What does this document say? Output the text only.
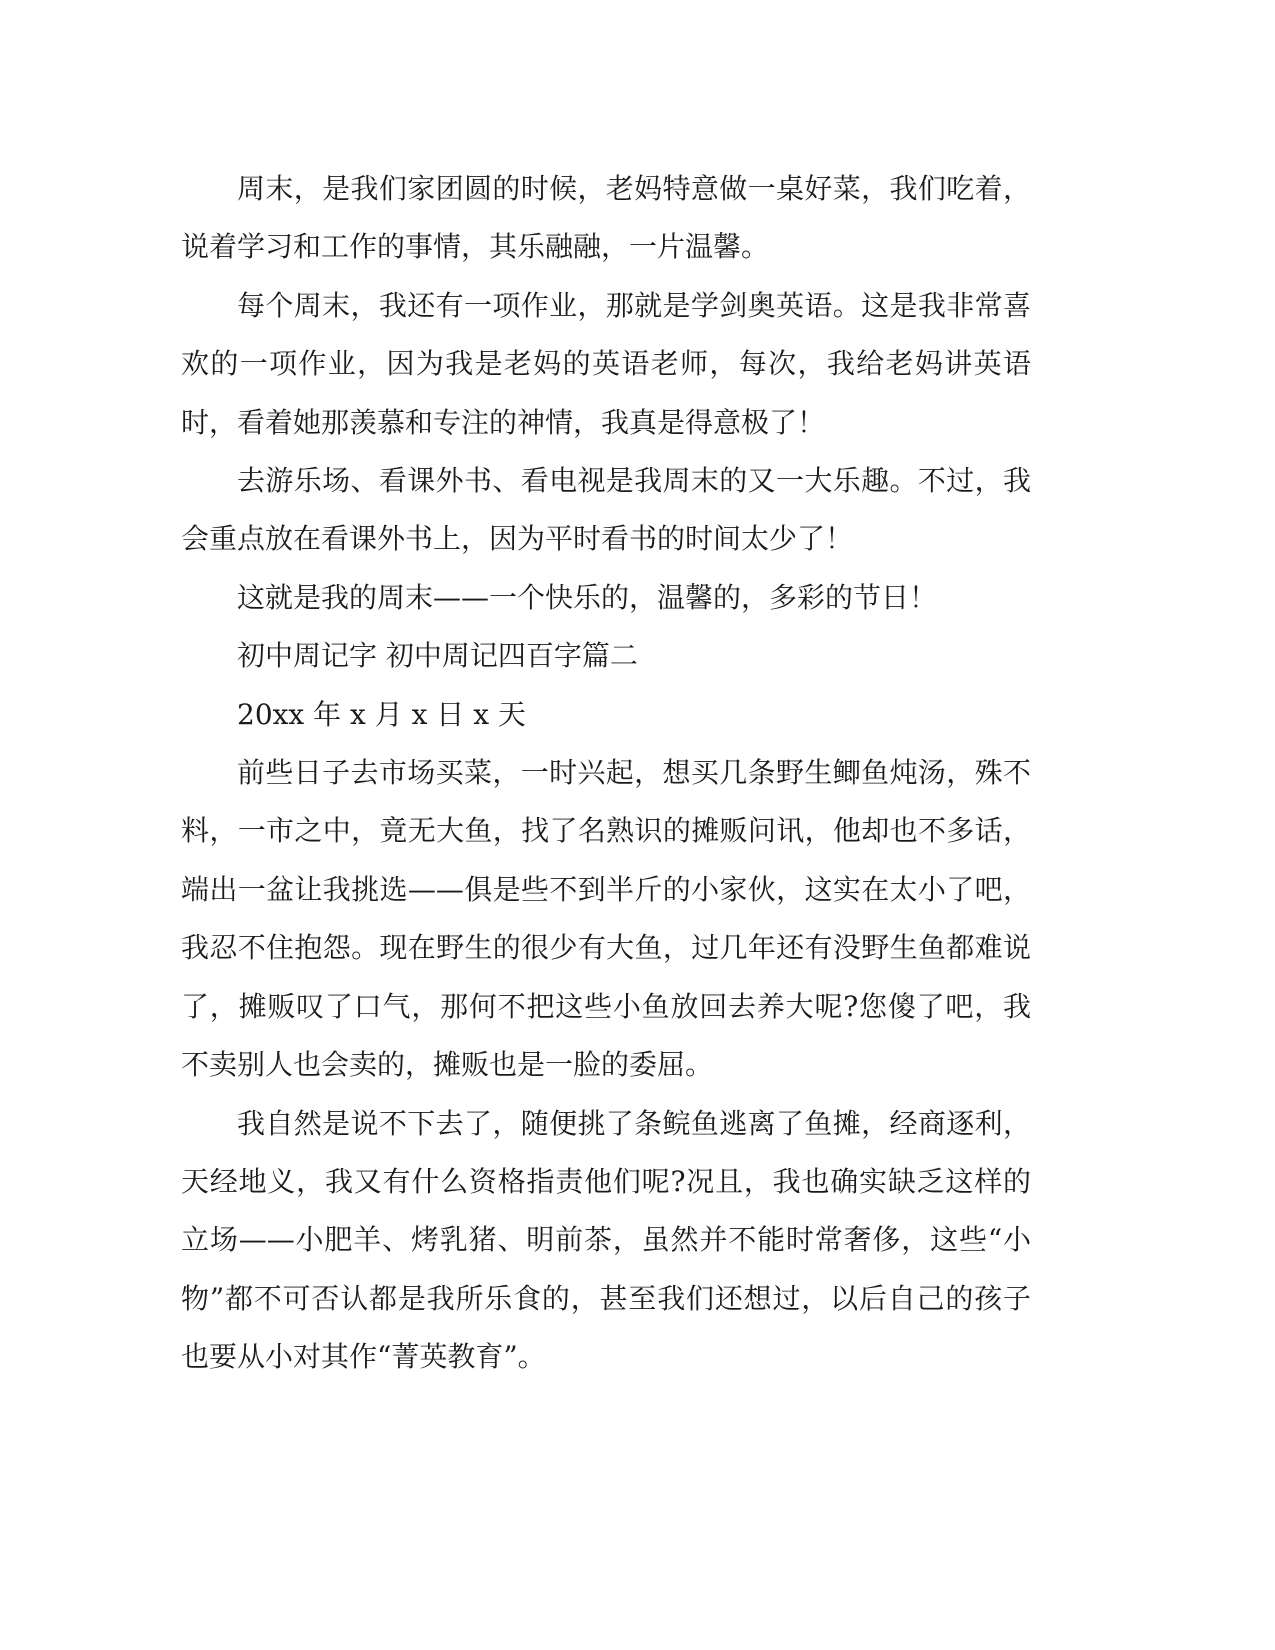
周末，是我们家团圆的时候，老妈特意做一桌好菜，我们吃着，说着学习和工作的事情，其乐融融，一片温馨。

每个周末，我还有一项作业，那就是学剑奥英语。这是我非常喜欢的一项作业，因为我是老妈的英语老师，每次，我给老妈讲英语时，看着她那羡慕和专注的神情，我真是得意极了！

去游乐场、看课外书、看电视是我周末的又一大乐趣。不过，我会重点放在看课外书上，因为平时看书的时间太少了！

这就是我的周末——一个快乐的，温馨的，多彩的节日！

初中周记字 初中周记四百字篇二

20xx 年 x 月 x 日 x 天

前些日子去市场买菜，一时兴起，想买几条野生鲫鱼炖汤，殊不料，一市之中，竟无大鱼，找了名熟识的摊贩问讯，他却也不多话，端出一盆让我挑选——俱是些不到半斤的小家伙，这实在太小了吧，我忍不住抱怨。现在野生的很少有大鱼，过几年还有没野生鱼都难说了，摊贩叹了口气，那何不把这些小鱼放回去养大呢?您傻了吧，我不卖别人也会卖的，摊贩也是一脸的委屈。

我自然是说不下去了，随便挑了条鲩鱼逃离了鱼摊，经商逐利，天经地义，我又有什么资格指责他们呢?况且，我也确实缺乏这样的立场——小肥羊、烤乳猪、明前茶，虽然并不能时常奢侈，这些“小物”都不可否认都是我所乐食的，甚至我们还想过，以后自己的孩子也要从小对其作“菁英教育”。
